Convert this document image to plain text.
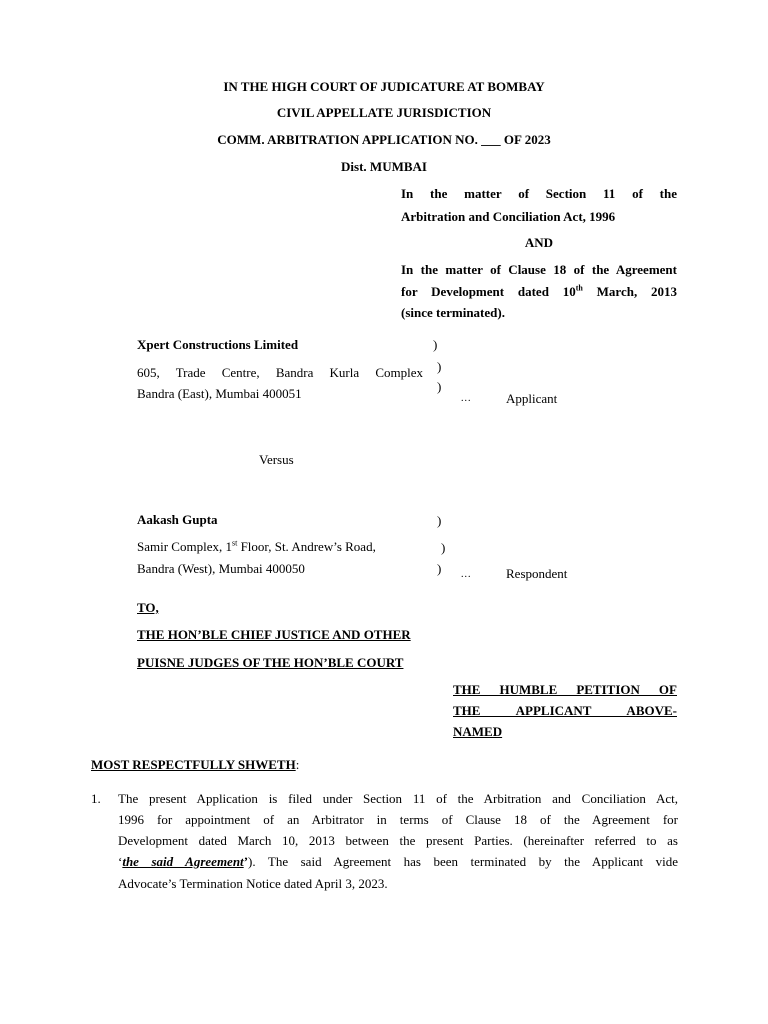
IN THE HIGH COURT OF JUDICATURE AT BOMBAY
CIVIL APPELLATE JURISDICTION
COMM. ARBITRATION APPLICATION NO. ___ OF 2023
Dist. MUMBAI
In the matter of Section 11 of the
Arbitration and Conciliation Act, 1996
AND
In the matter of Clause 18 of the Agreement
for Development dated 10th March, 2013
(since terminated).
Xpert Constructions Limited
605, Trade Centre, Bandra Kurla Complex
Bandra (East), Mumbai 400051
)
)
)
...	Applicant
Versus
Aakash Gupta
Samir Complex, 1st Floor, St. Andrew’s Road,
Bandra (West), Mumbai 400050
)
)
) ...	Respondent
TO,
THE HON’BLE CHIEF JUSTICE AND OTHER
PUISNE JUDGES OF THE HON’BLE COURT
THE HUMBLE PETITION OF
THE APPLICANT ABOVE-
NAMED
MOST RESPECTFULLY SHWETH:
1. The present Application is filed under Section 11 of the Arbitration and Conciliation Act,
1996 for appointment of an Arbitrator in terms of Clause 18 of the Agreement for
Development dated March 10, 2013 between the present Parties. (hereinafter referred to as
‘the said Agreement’). The said Agreement has been terminated by the Applicant vide
Advocate’s Termination Notice dated April 3, 2023.
